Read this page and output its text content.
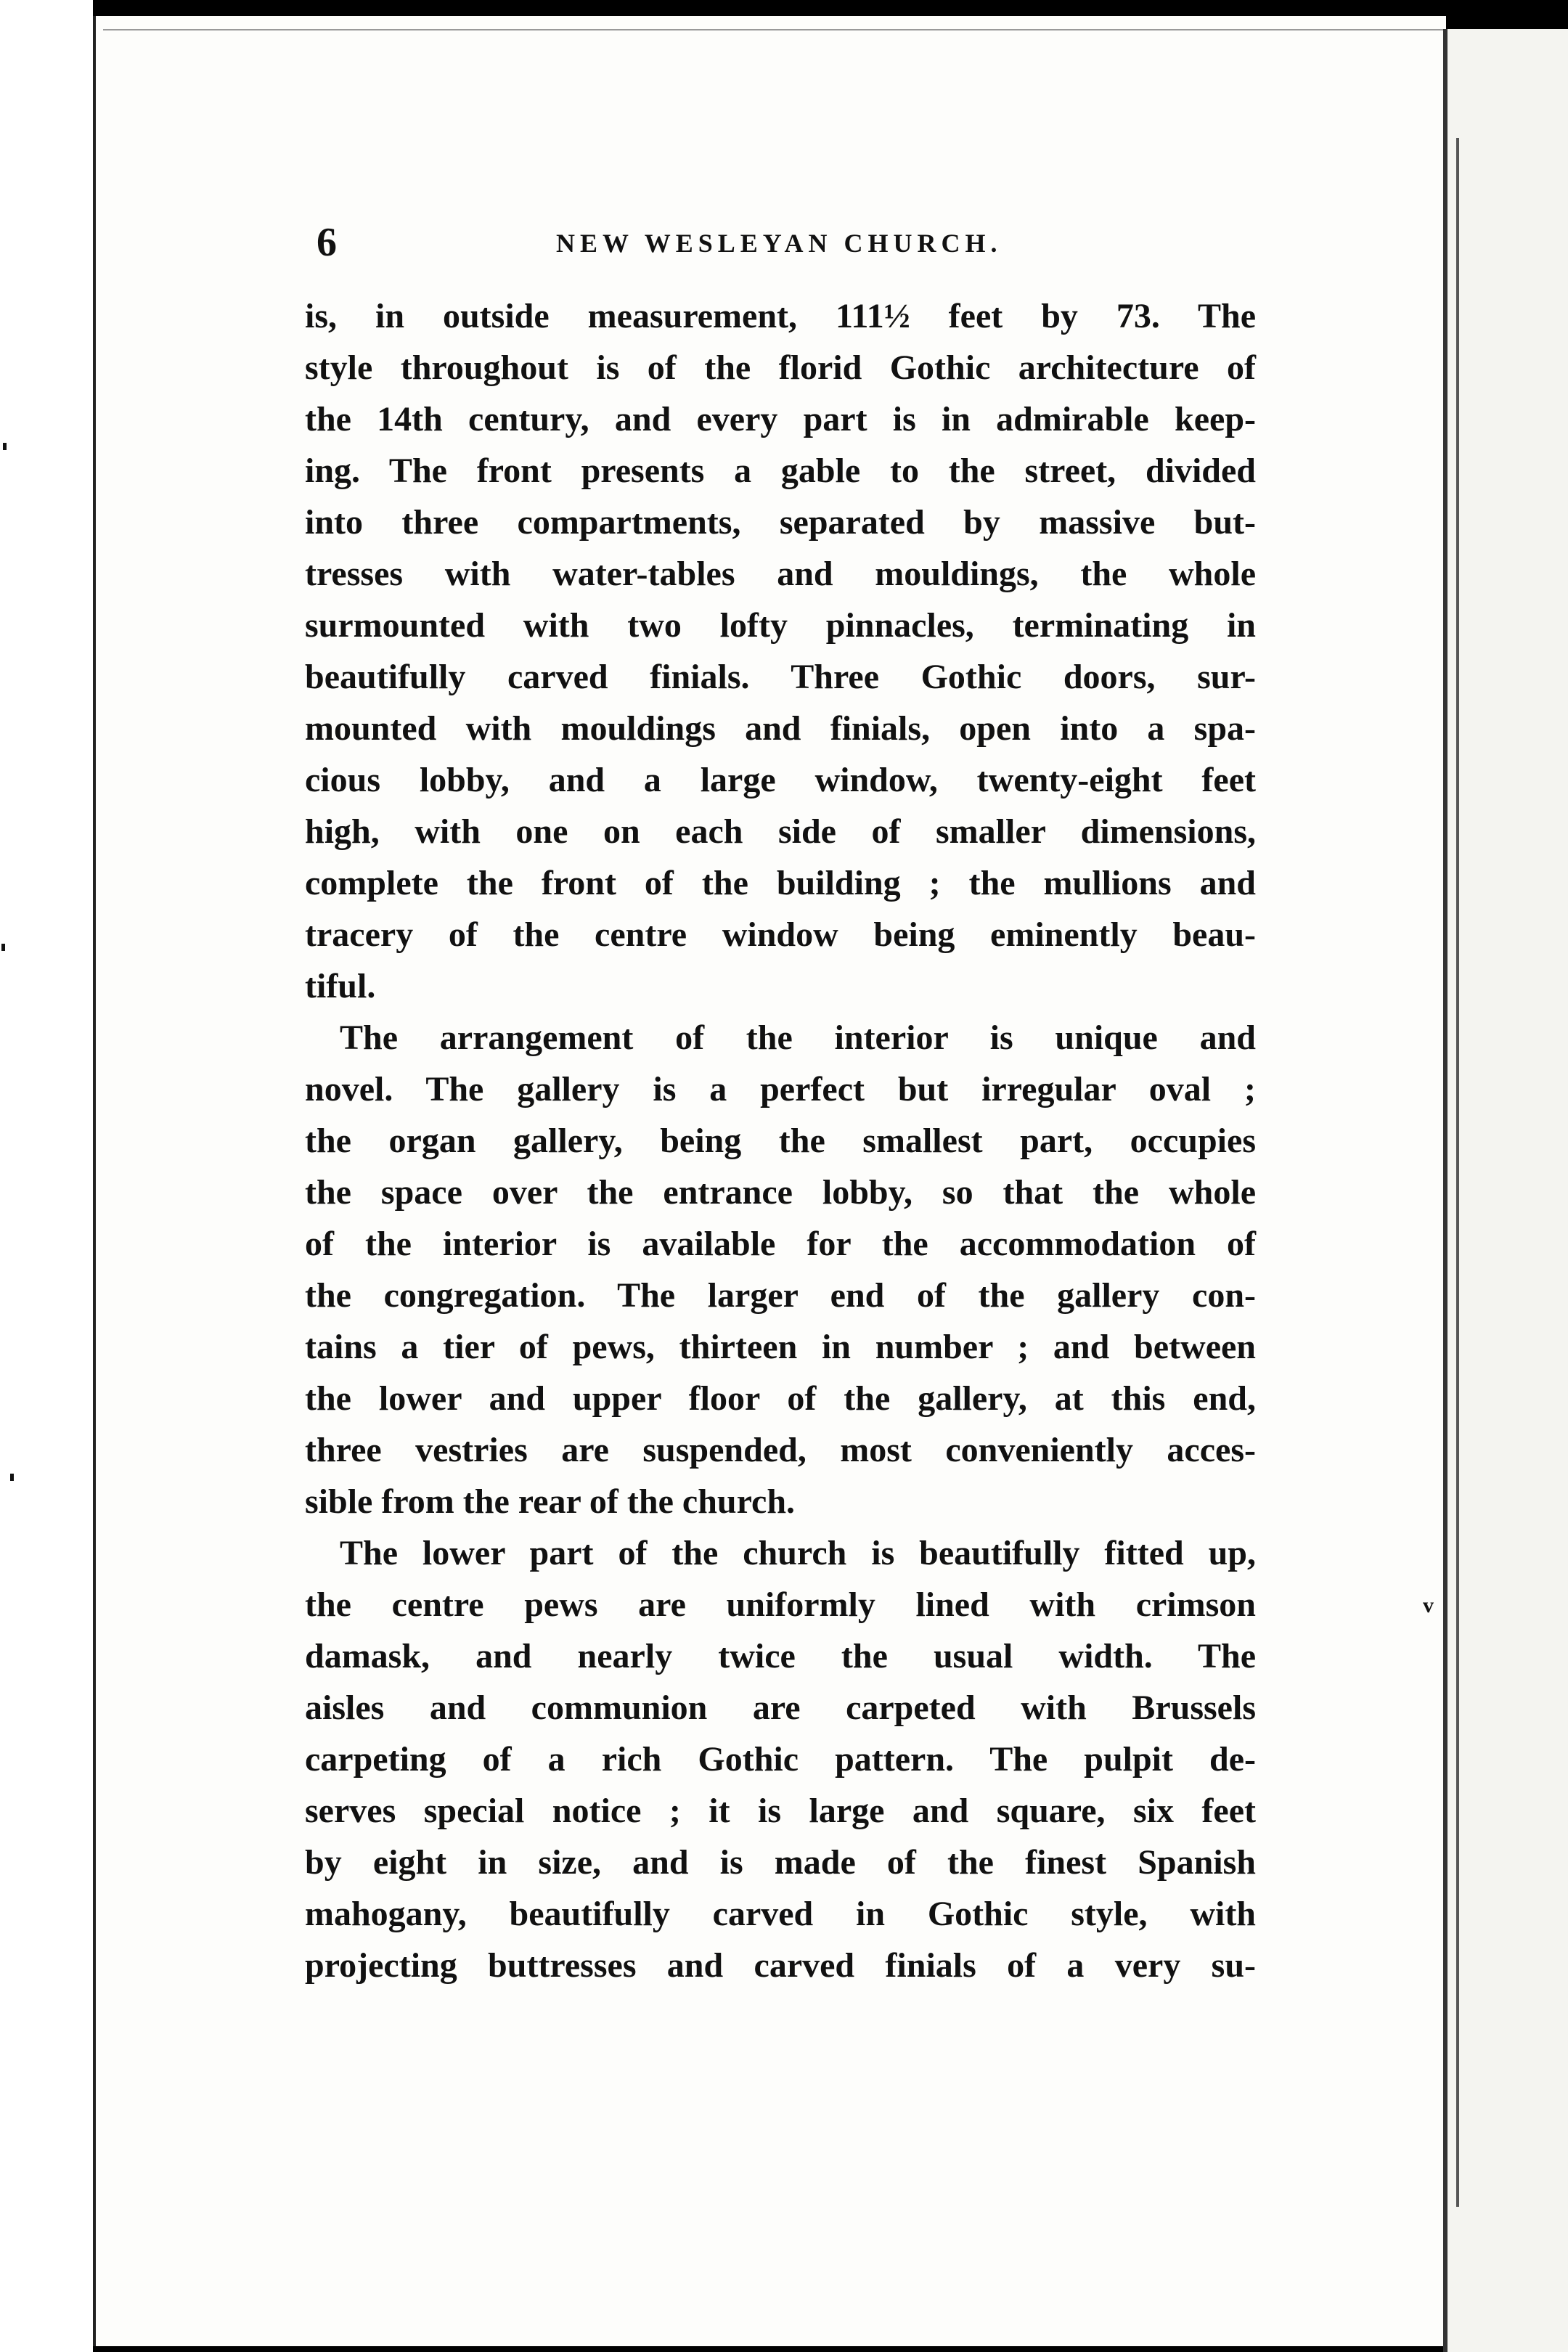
v
6	NEW WESLEYAN CHURCH.

is, in outside measurement, 111½ feet by 73. The
style throughout is of the florid Gothic architecture of
the 14th century, and every part is in admirable keep-
ing. The front presents a gable to the street, divided
into three compartments, separated by massive but-
tresses with water-tables and mouldings, the whole
surmounted with two lofty pinnacles, terminating in
beautifully carved finials. Three Gothic doors, sur-
mounted with mouldings and finials, open into a spa-
cious lobby, and a large window, twenty-eight feet
high, with one on each side of smaller dimensions,
complete the front of the building ; the mullions and
tracery of the centre window being eminently beau-
tiful.

The arrangement of the interior is unique and
novel. The gallery is a perfect but irregular oval ;
the organ gallery, being the smallest part, occupies
the space over the entrance lobby, so that the whole
of the interior is available for the accommodation of
the congregation. The larger end of the gallery con-
tains a tier of pews, thirteen in number ; and between
the lower and upper floor of the gallery, at this end,
three vestries are suspended, most conveniently acces-
sible from the rear of the church.

The lower part of the church is beautifully fitted up,
the centre pews are uniformly lined with crimson
damask, and nearly twice the usual width. The
aisles and communion are carpeted with Brussels
carpeting of a rich Gothic pattern. The pulpit de-
serves special notice ; it is large and square, six feet
by eight in size, and is made of the finest Spanish
mahogany, beautifully carved in Gothic style, with
projecting buttresses and carved finials of a very su-
